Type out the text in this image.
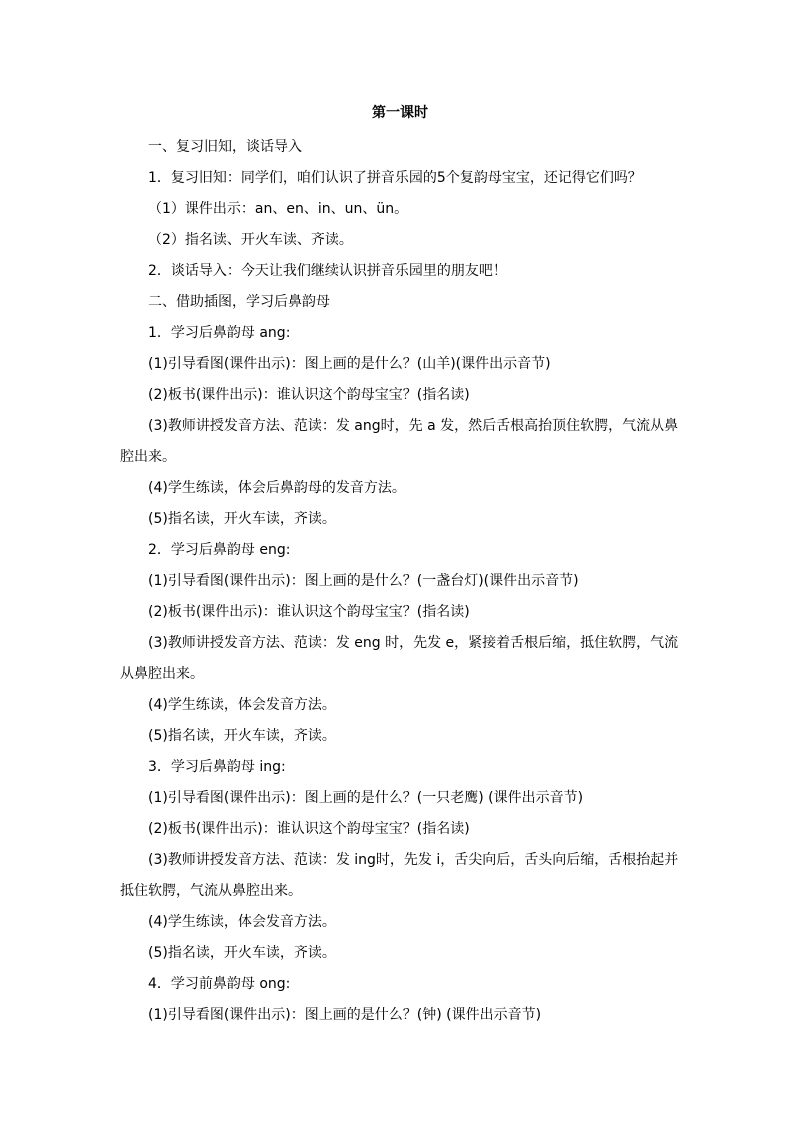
第一课时

一、复习旧知，谈话导入

1．复习旧知：同学们，咱们认识了拼音乐园的5个复韵母宝宝，还记得它们吗？

（1）课件出示：an、en、in、un、ün。

（2）指名读、开火车读、齐读。

2．谈话导入：今天让我们继续认识拼音乐园里的朋友吧！

二、借助插图，学习后鼻韵母

1．学习后鼻韵母 ang:

(1)引导看图(课件出示)：图上画的是什么？(山羊)(课件出示音节)

(2)板书(课件出示)：谁认识这个韵母宝宝？(指名读)

(3)教师讲授发音方法、范读：发 ang时，先 a 发，然后舌根高抬顶住软腭，气流从鼻腔出来。

(4)学生练读，体会后鼻韵母的发音方法。

(5)指名读，开火车读，齐读。

2．学习后鼻韵母 eng:

(1)引导看图(课件出示)：图上画的是什么？(一盏台灯)(课件出示音节)

(2)板书(课件出示)：谁认识这个韵母宝宝？(指名读)

(3)教师讲授发音方法、范读：发 eng 时，先发 e，紧接着舌根后缩，抵住软腭，气流从鼻腔出来。

(4)学生练读，体会发音方法。

(5)指名读，开火车读，齐读。

3．学习后鼻韵母 ing:

(1)引导看图(课件出示)：图上画的是什么？(一只老鹰) (课件出示音节)

(2)板书(课件出示)：谁认识这个韵母宝宝？(指名读)

(3)教师讲授发音方法、范读：发 ing时，先发 i，舌尖向后，舌头向后缩，舌根抬起并抵住软腭，气流从鼻腔出来。

(4)学生练读，体会发音方法。

(5)指名读，开火车读，齐读。

4．学习前鼻韵母 ong:

(1)引导看图(课件出示)：图上画的是什么？(钟) (课件出示音节)
